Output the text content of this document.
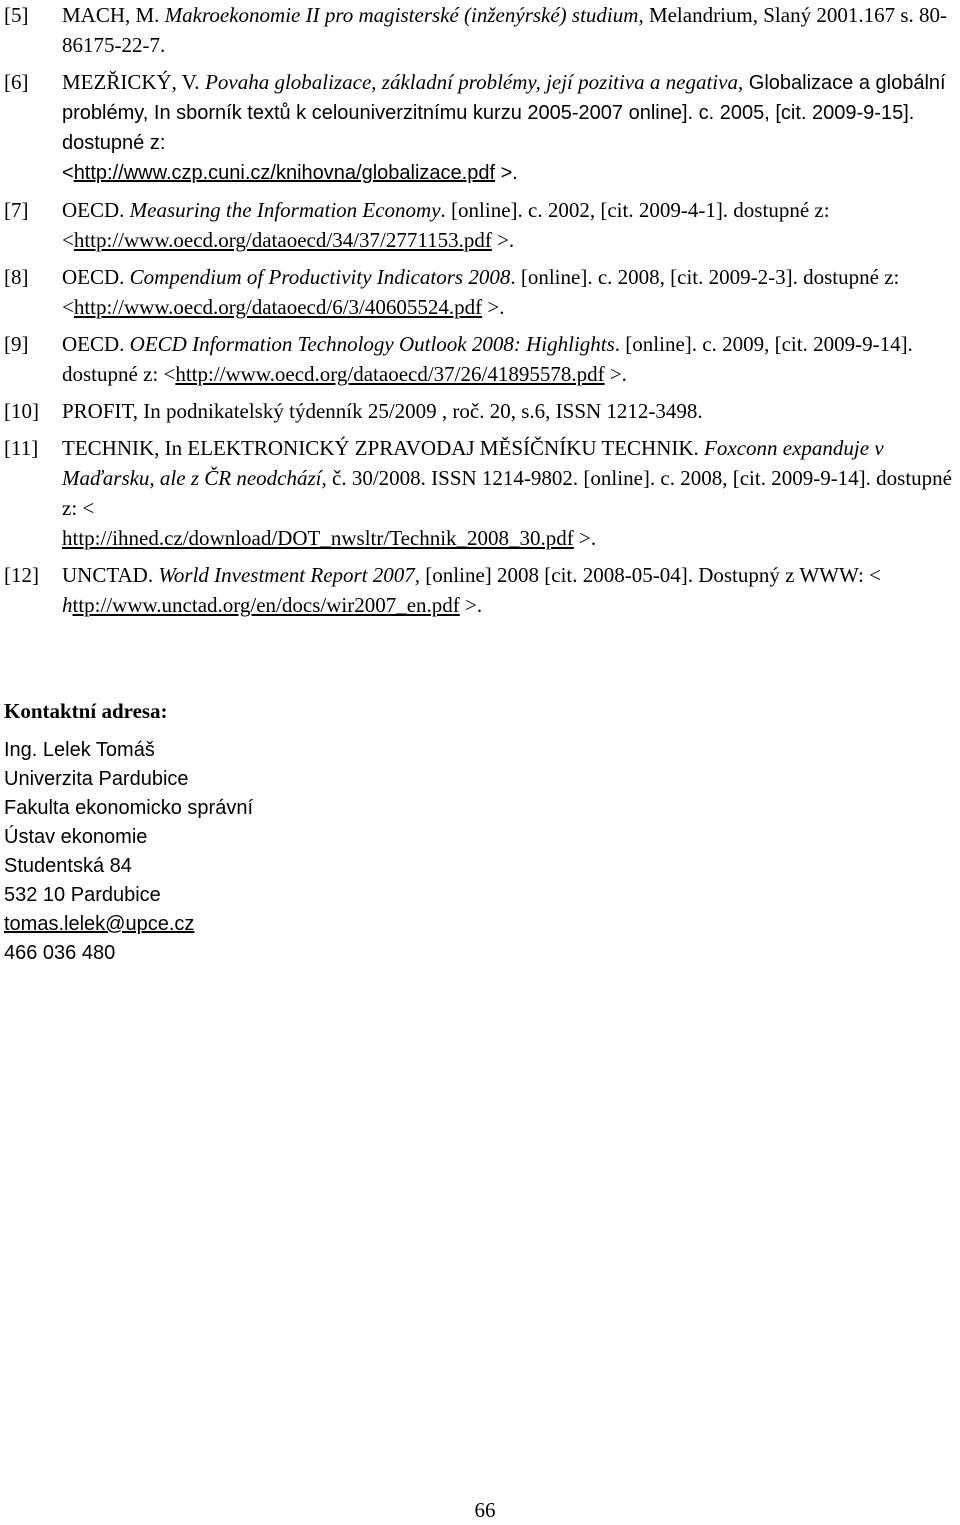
[5]	MACH, M. Makroekonomie II pro magisterské (inženýrské) studium, Melandrium, Slaný 2001.167 s. 80-86175-22-7.
[6]	MEZŘICKÝ, V. Povaha globalizace, základní problémy, její pozitiva a negativa, Globalizace a globální problémy, In sborník textů k celouniverzitnímu kurzu 2005-2007 online]. c. 2005, [cit. 2009-9-15]. dostupné z:
<http://www.czp.cuni.cz/knihovna/globalizace.pdf >.
[7]	OECD. Measuring the Information Economy. [online]. c. 2002, [cit. 2009-4-1]. dostupné z: <http://www.oecd.org/dataoecd/34/37/2771153.pdf >.
[8]	OECD. Compendium of Productivity Indicators 2008. [online]. c. 2008, [cit. 2009-2-3]. dostupné z: <http://www.oecd.org/dataoecd/6/3/40605524.pdf >.
[9]	OECD. OECD Information Technology Outlook 2008: Highlights. [online]. c. 2009, [cit. 2009-9-14]. dostupné z: <http://www.oecd.org/dataoecd/37/26/41895578.pdf >.
[10]	PROFIT, In podnikatelský týdenník 25/2009 , roč. 20, s.6, ISSN 1212-3498.
[11]	TECHNIK, In ELEKTRONICKÝ ZPRAVODAJ MĚSÍČNÍKU TECHNIK. Foxconn expanduje v Maďarsku, ale z ČR neodchází, č. 30/2008. ISSN 1214-9802. [online]. c. 2008, [cit. 2009-9-14]. dostupné z: <
http://ihned.cz/download/DOT_nwsltr/Technik_2008_30.pdf >.
[12]	UNCTAD. World Investment Report 2007, [online] 2008 [cit. 2008-05-04]. Dostupný z WWW: < http://www.unctad.org/en/docs/wir2007_en.pdf >.
Kontaktní adresa:
Ing. Lelek Tomáš
Univerzita Pardubice
Fakulta ekonomicko správní
Ústav ekonomie
Studentská 84
532 10 Pardubice
tomas.lelek@upce.cz
466 036 480
66
